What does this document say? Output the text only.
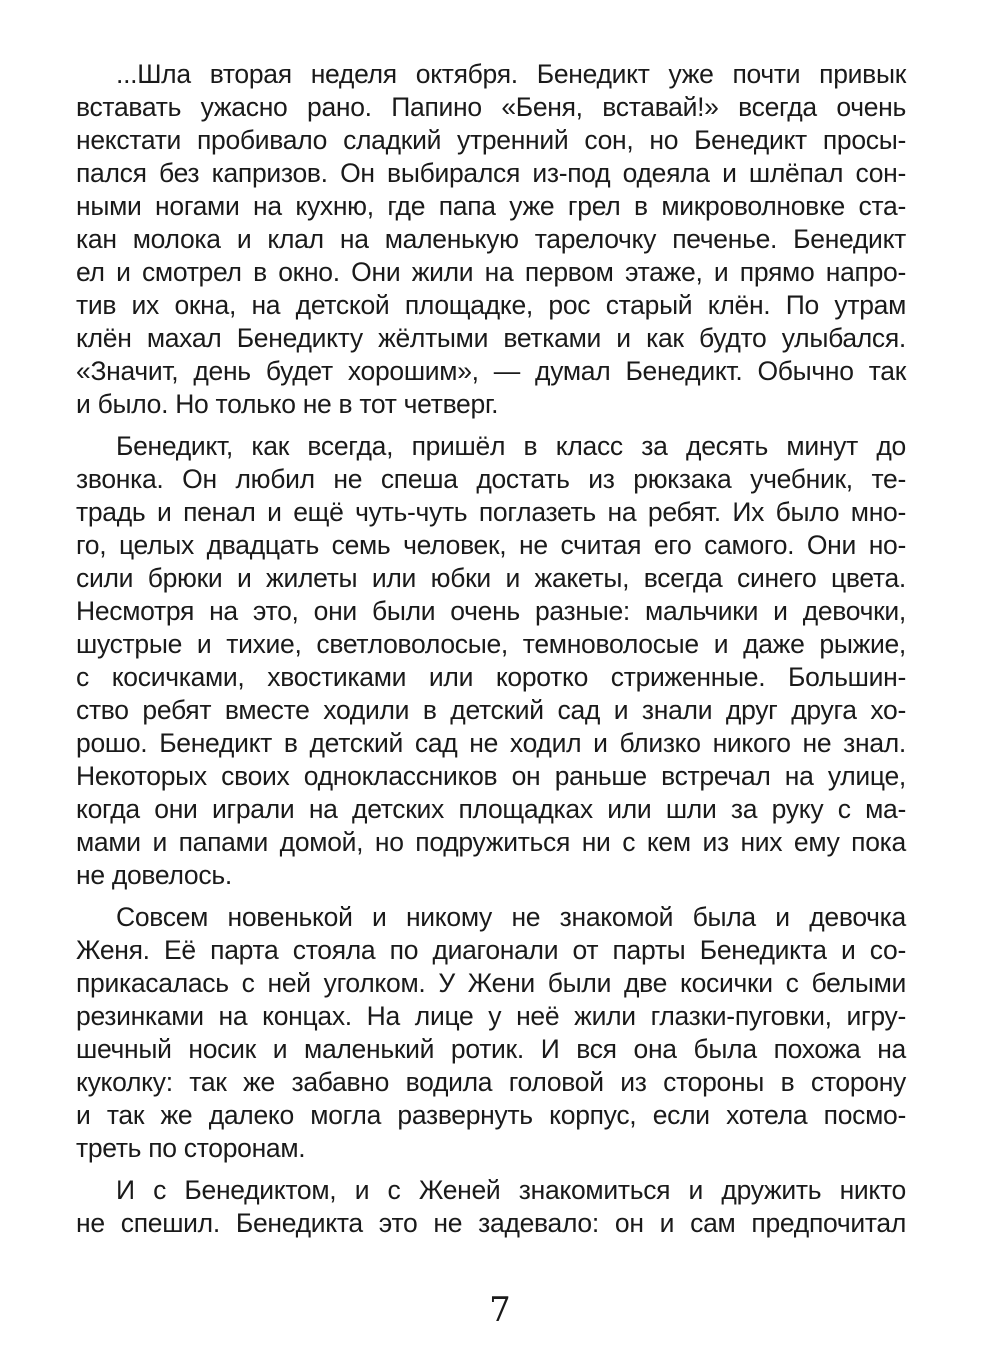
...Шла вторая неделя октября. Бенедикт уже почти привык
вставать ужасно рано. Папино «Беня, вставай!» всегда очень
некстати пробивало сладкий утренний сон, но Бенедикт просы-
пался без капризов. Он выбирался из-под одеяла и шлёпал сон-
ными ногами на кухню, где папа уже грел в микроволновке ста-
кан молока и клал на маленькую тарелочку печенье. Бенедикт
ел и смотрел в окно. Они жили на первом этаже, и прямо напро-
тив их окна, на детской площадке, рос старый клён. По утрам
клён махал Бенедикту жёлтыми ветками и как будто улыбался.
«Значит, день будет хорошим», — думал Бенедикт. Обычно так
и было. Но только не в тот четверг.
Бенедикт, как всегда, пришёл в класс за десять минут до
звонка. Он любил не спеша достать из рюкзака учебник, те-
традь и пенал и ещё чуть-чуть поглазеть на ребят. Их было мно-
го, целых двадцать семь человек, не считая его самого. Они но-
сили брюки и жилеты или юбки и жакеты, всегда синего цвета.
Несмотря на это, они были очень разные: мальчики и девочки,
шустрые и тихие, светловолосые, темноволосые и даже рыжие,
с косичками, хвостиками или коротко стриженные. Большин-
ство ребят вместе ходили в детский сад и знали друг друга хо-
рошо. Бенедикт в детский сад не ходил и близко никого не знал.
Некоторых своих одноклассников он раньше встречал на улице,
когда они играли на детских площадках или шли за руку с ма-
мами и папами домой, но подружиться ни с кем из них ему пока
не довелось.
Совсем новенькой и никому не знакомой была и девочка
Женя. Её парта стояла по диагонали от парты Бенедикта и со-
прикасалась с ней уголком. У Жени были две косички с белыми
резинками на концах. На лице у неё жили глазки-пуговки, игру-
шечный носик и маленький ротик. И вся она была похожа на
куколку: так же забавно водила головой из стороны в сторону
и так же далеко могла развернуть корпус, если хотела посмо-
треть по сторонам.
И с Бенедиктом, и с Женей знакомиться и дружить никто
не спешил. Бенедикта это не задевало: он и сам предпочитал
7
